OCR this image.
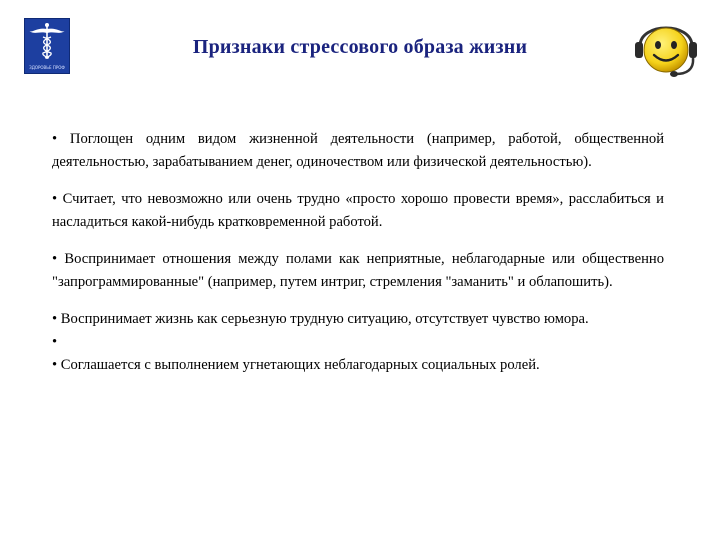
ЗДОРОВЬЕ ПРОФ
Признаки стрессового образа жизни

• Поглощен одним видом жизненной деятельности (например, работой, общественной деятельностью, зарабатыванием денег, одиночеством или физической деятельностью).

• Считает, что невозможно или очень трудно «просто хорошо провести время», расслабиться и насладиться какой-нибудь кратковременной работой.

• Воспринимает отношения между полами как неприятные, неблагодарные или общественно "запрограммированные" (например, путем интриг, стремления "заманить" и облапошить).

• Воспринимает жизнь как серьезную трудную ситуацию, отсутствует чувство юмора.

•

• Соглашается с выполнением угнетающих неблагодарных социальных ролей.
